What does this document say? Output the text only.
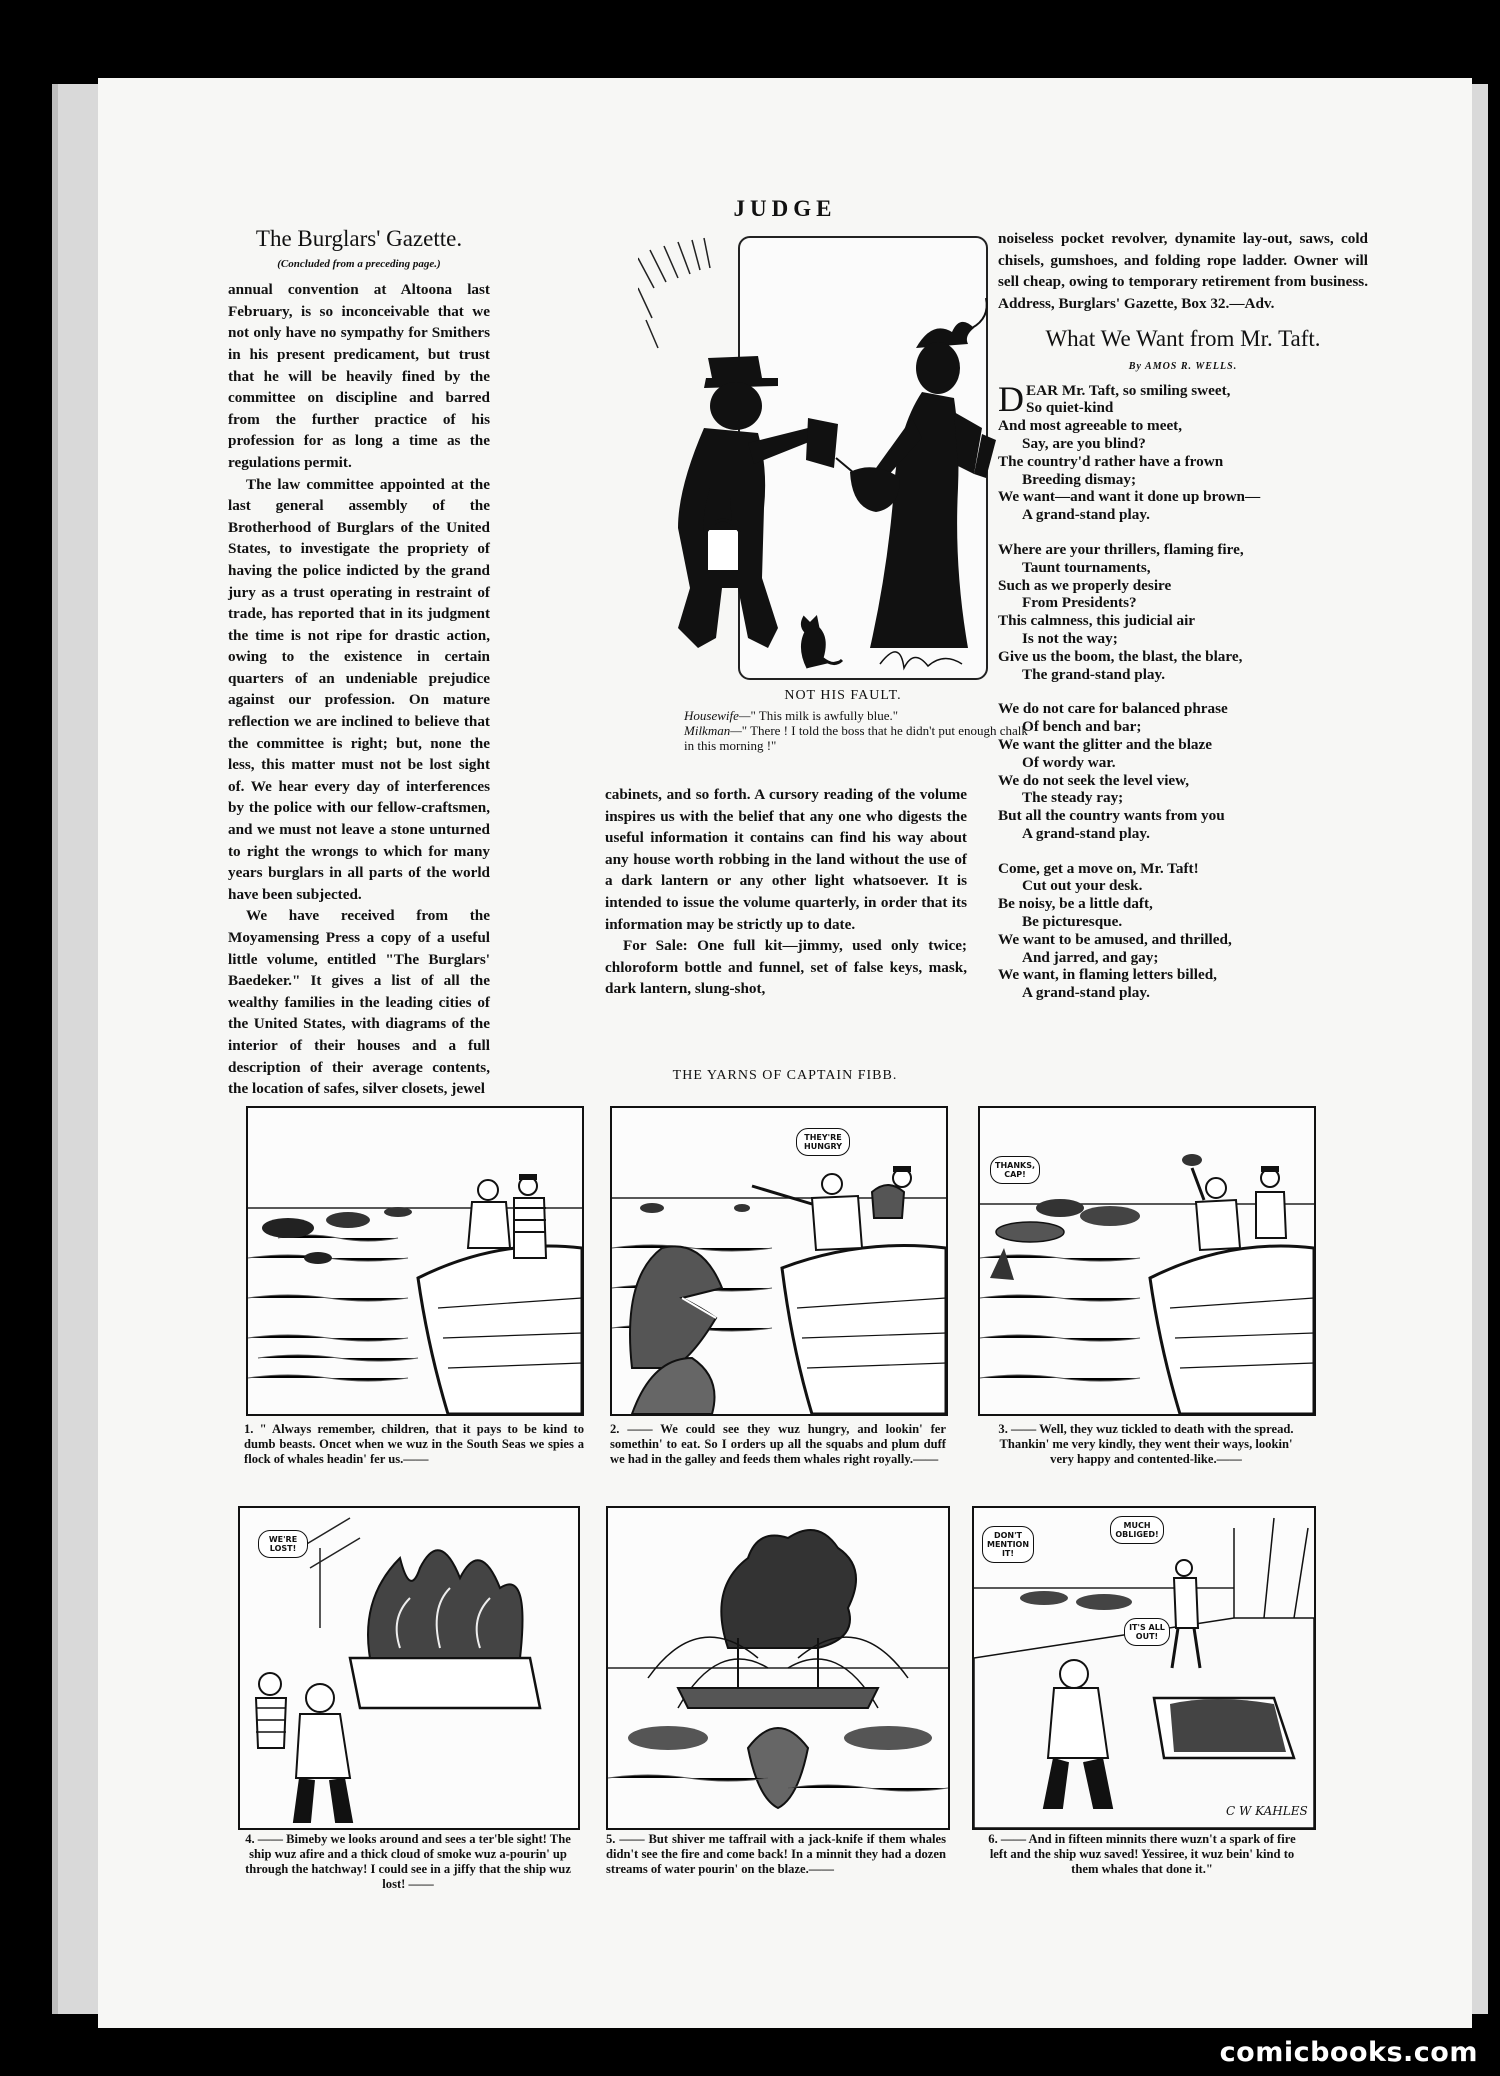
JUDGE
The Burglars' Gazette.
(Concluded from a preceding page.)

annual convention at Altoona last February, is so inconceivable that we not only have no sympathy for Smithers in his present predicament, but trust that he will be heavily fined by the committee on discipline and barred from the further practice of his profession for as long a time as the regulations permit.

The law committee appointed at the last general assembly of the Brotherhood of Burglars of the United States, to investigate the propriety of having the police indicted by the grand jury as a trust operating in restraint of trade, has reported that in its judgment the time is not ripe for drastic action, owing to the existence in certain quarters of an undeniable prejudice against our profession. On mature reflection we are inclined to believe that the committee is right; but, none the less, this matter must not be lost sight of. We hear every day of interferences by the police with our fellow-craftsmen, and we must not leave a stone unturned to right the wrongs to which for many years burglars in all parts of the world have been subjected.

We have received from the Moyamensing Press a copy of a useful little volume, entitled "The Burglars' Baedeker." It gives a list of all the wealthy families in the leading cities of the United States, with diagrams of the interior of their houses and a full description of their average contents, the location of safes, silver closets, jewel

NOT HIS FAULT.
Housewife—" This milk is awfully blue."
Milkman—" There ! I told the boss that he didn't put enough chalk in this morning !"

cabinets, and so forth. A cursory reading of the volume inspires us with the belief that any one who digests the useful information it contains can find his way about any house worth robbing in the land without the use of a dark lantern or any other light whatsoever. It is intended to issue the volume quarterly, in order that its information may be strictly up to date.

For Sale: One full kit—jimmy, used only twice; chloroform bottle and funnel, set of false keys, mask, dark lantern, slung-shot,

noiseless pocket revolver, dynamite lay-out, saws, cold chisels, gumshoes, and folding rope ladder. Owner will sell cheap, owing to temporary retirement from business. Address, Burglars' Gazette, Box 32.—Adv.

What We Want from Mr. Taft.
By AMOS R. WELLS.
D EAR Mr. Taft, so smiling sweet,
So quiet-kind
And most agreeable to meet,
Say, are you blind?
The country'd rather have a frown
Breeding dismay;
We want—and want it done up brown—
A grand-stand play.
Where are your thrillers, flaming fire,
Taunt tournaments,
Such as we properly desire
From Presidents?
This calmness, this judicial air
Is not the way;
Give us the boom, the blast, the blare,
The grand-stand play.
We do not care for balanced phrase
Of bench and bar;
We want the glitter and the blaze
Of wordy war.
We do not seek the level view,
The steady ray;
But all the country wants from you
A grand-stand play.
Come, get a move on, Mr. Taft!
Cut out your desk.
Be noisy, be a little daft,
Be picturesque.
We want to be amused, and thrilled,
And jarred, and gay;
We want, in flaming letters billed,
A grand-stand play.
THE YARNS OF CAPTAIN FIBB.
1. " Always remember, children, that it pays to be kind to dumb beasts. Oncet when we wuz in the South Seas we spies a flock of whales headin' fer us.——
THEY'RE HUNGRY
2. —— We could see they wuz hungry, and lookin' fer somethin' to eat. So I orders up all the squabs and plum duff we had in the galley and feeds them whales right royally.——
THANKS, CAP!
3. —— Well, they wuz tickled to death with the spread. Thankin' me very kindly, they went their ways, lookin' very happy and contented-like.——
WE'RE LOST!
4. —— Bimeby we looks around and sees a ter'ble sight! The ship wuz afire and a thick cloud of smoke wuz a-pourin' up through the hatchway! I could see in a jiffy that the ship wuz lost! ——
5. —— But shiver me taffrail with a jack-knife if them whales didn't see the fire and come back! In a minnit they had a dozen streams of water pourin' on the blaze.——
DON'T MENTION IT!
MUCH OBLIGED!
IT'S ALL OUT!
C W KAHLES
6. —— And in fifteen minnits there wuzn't a spark of fire left and the ship wuz saved! Yessiree, it wuz bein' kind to them whales that done it."
comicbooks.com
